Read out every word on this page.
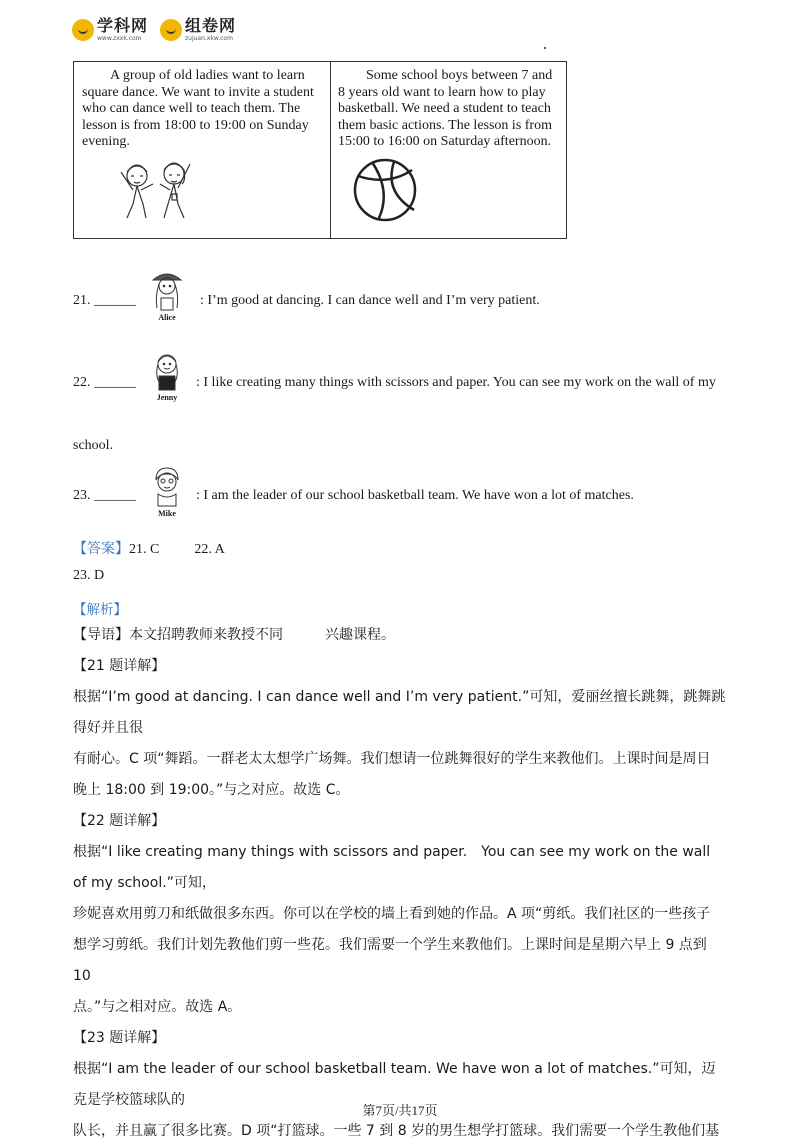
学科网
www.zxxk.com
组卷网
zujuan.xkw.com

A group of old ladies want to learn square dance. We want to invite a student who can dance well to teach them. The lesson is from 18:00 to 19:00 on Sunday evening.

Some school boys between 7 and 8 years old want to learn how to play basketball. We need a student to teach them basic actions. The lesson is from 15:00 to 16:00 on Saturday afternoon.

21. ______
Alice
: I’m good at dancing. I can dance well and I’m very patient.
22. ______
Jenny
: I like creating many things with scissors and paper. You can see my work on the wall of my
school.
23. ______
Mike
: I am the leader of our school basketball team. We have won a lot of matches.
【答案】21. C	22. A
23. D
【解析】
【导语】本文招聘教师来教授不同　　　兴趣课程。
【21 题详解】
根据“I’m good at dancing. I can dance well and I’m very patient.”可知，爱丽丝擅长跳舞，跳舞跳得好并且很
有耐心。C 项“舞蹈。一群老太太想学广场舞。我们想请一位跳舞很好的学生来教他们。上课时间是周日
晚上 18:00 到 19:00。”与之对应。故选 C。
【22 题详解】
根据“I like creating many things with scissors and paper.　You can see my work on the wall of my school.”可知，
珍妮喜欢用剪刀和纸做很多东西。你可以在学校的墙上看到她的作品。A 项“剪纸。我们社区的一些孩子
想学习剪纸。我们计划先教他们剪一些花。我们需要一个学生来教他们。上课时间是星期六早上 9 点到 10
点。”与之相对应。故选 A。
【23 题详解】
根据“I am the leader of our school basketball team. We have won a lot of matches.”可知，迈克是学校篮球队的
队长，并且赢了很多比赛。D 项“打篮球。一些 7 到 8 岁的男生想学打篮球。我们需要一个学生教他们基
第7页/共17页
